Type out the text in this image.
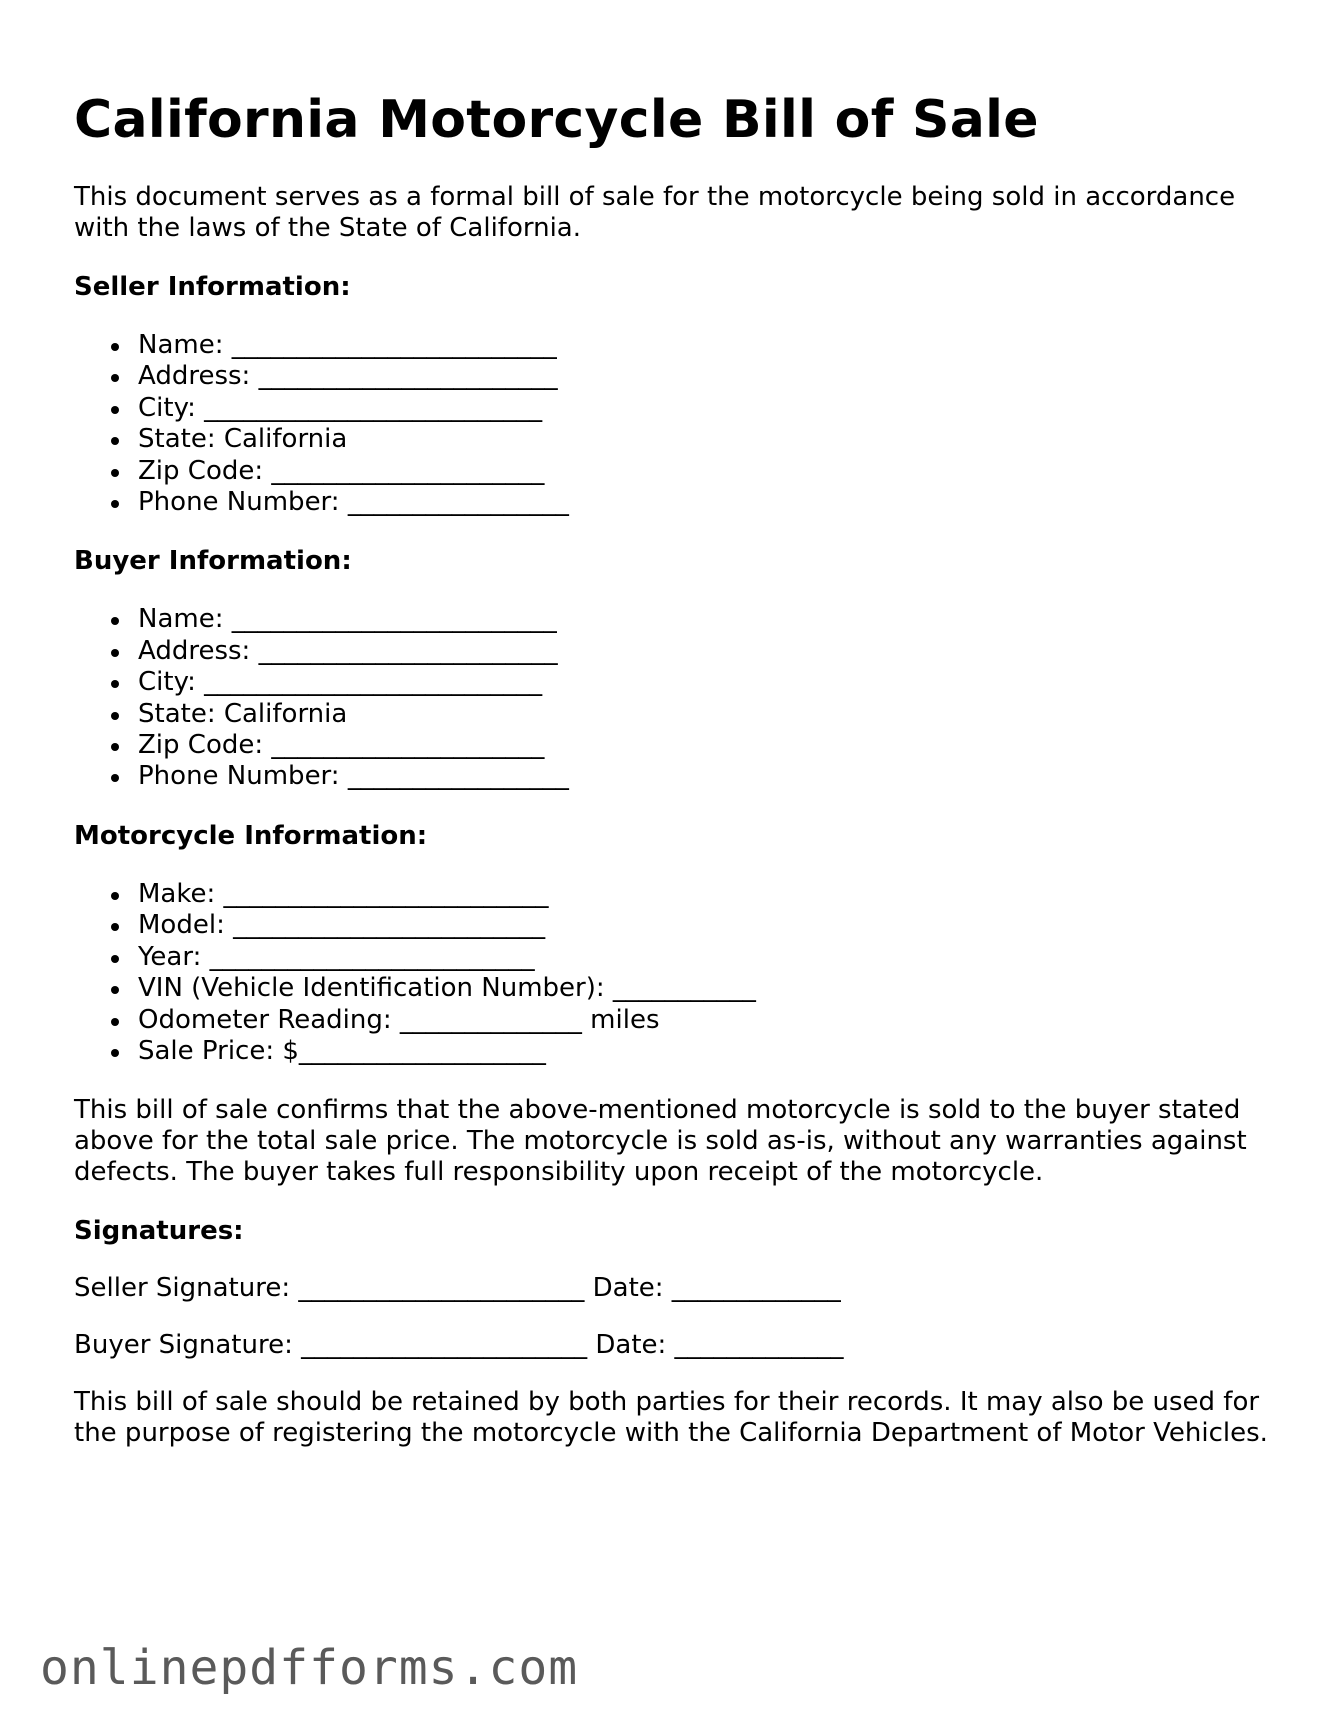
California Motorcycle Bill of Sale

This document serves as a formal bill of sale for the motorcycle being sold in accordance with the laws of the State of California.

Seller Information:
Name: _________________________
Address: _______________________
City: __________________________
State: California
Zip Code: _____________________
Phone Number: _________________
Buyer Information:
Name: _________________________
Address: _______________________
City: __________________________
State: California
Zip Code: _____________________
Phone Number: _________________
Motorcycle Information:
Make: _________________________
Model: ________________________
Year: _________________________
VIN (Vehicle Identification Number): ___________
Odometer Reading: ______________ miles
Sale Price: $___________________

This bill of sale confirms that the above-mentioned motorcycle is sold to the buyer stated above for the total sale price. The motorcycle is sold as-is, without any warranties against defects. The buyer takes full responsibility upon receipt of the motorcycle.

Signatures:
Seller Signature: ______________________ Date: _____________
Buyer Signature: ______________________ Date: _____________

This bill of sale should be retained by both parties for their records. It may also be used for the purpose of registering the motorcycle with the California Department of Motor Vehicles.

onlinepdfforms.com
